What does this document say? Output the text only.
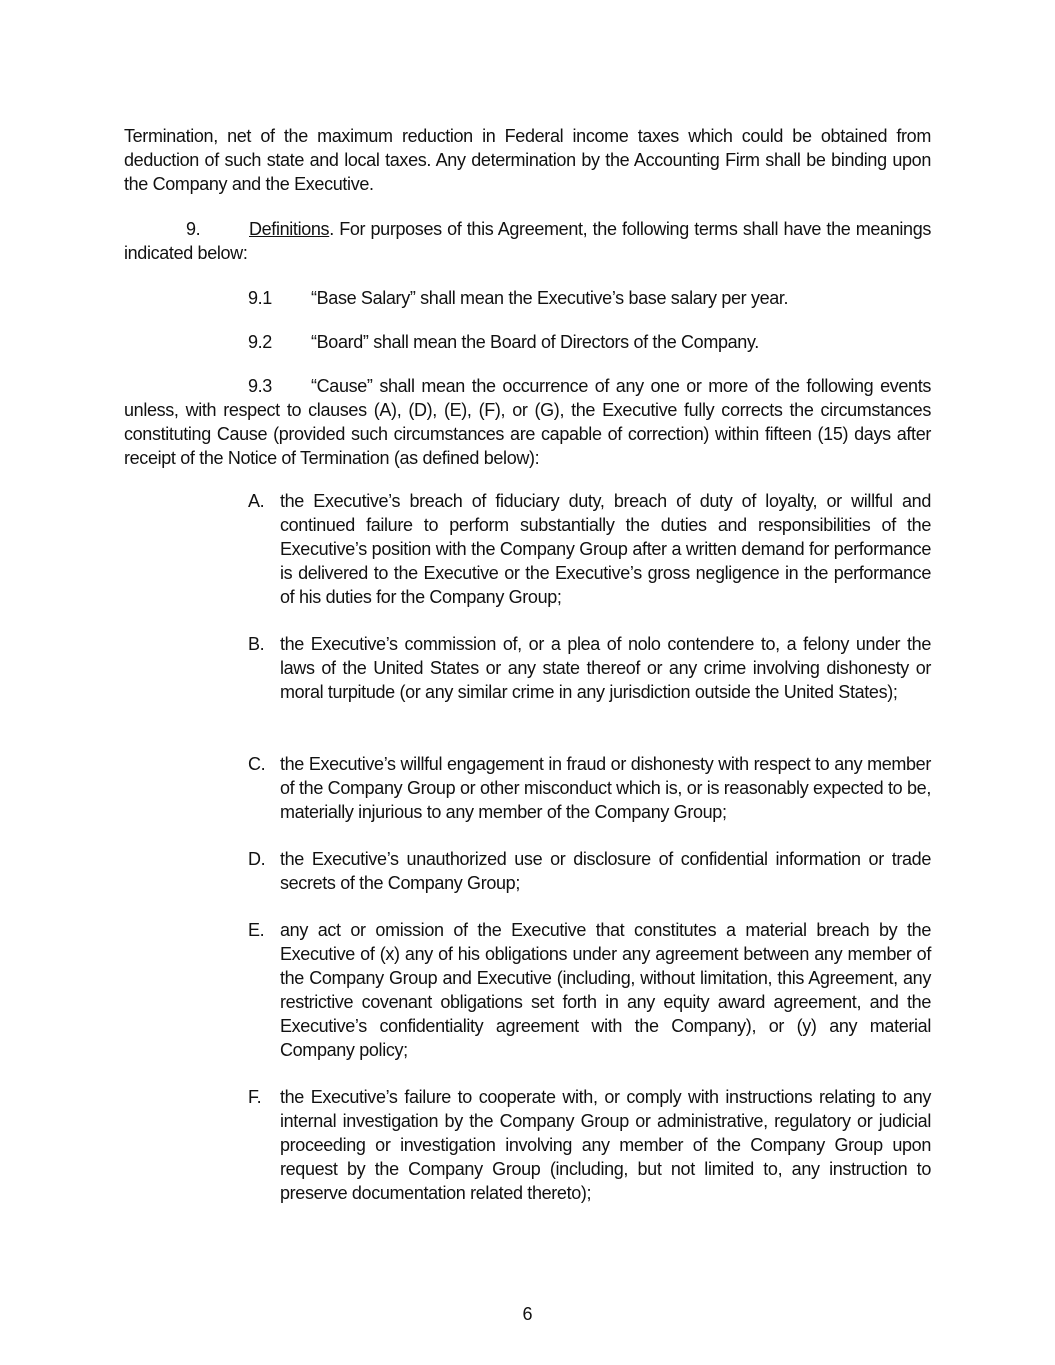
Termination, net of the maximum reduction in Federal income taxes which could be obtained from deduction of such state and local taxes. Any determination by the Accounting Firm shall be binding upon the Company and the Executive.

9.	Definitions. For purposes of this Agreement, the following terms shall have the meanings indicated below:

9.1 “Base Salary” shall mean the Executive’s base salary per year.

9.2 “Board” shall mean the Board of Directors of the Company.

9.3 “Cause” shall mean the occurrence of any one or more of the following events unless, with respect to clauses (A), (D), (E), (F), or (G), the Executive fully corrects the circumstances constituting Cause (provided such circumstances are capable of correction) within fifteen (15) days after receipt of the Notice of Termination (as defined below):

A. the Executive’s breach of fiduciary duty, breach of duty of loyalty, or willful and continued failure to perform substantially the duties and responsibilities of the Executive’s position with the Company Group after a written demand for performance is delivered to the Executive or the Executive’s gross negligence in the performance of his duties for the Company Group;
B. the Executive’s commission of, or a plea of nolo contendere to, a felony under the laws of the United States or any state thereof or any crime involving dishonesty or moral turpitude (or any similar crime in any jurisdiction outside the United States);
C. the Executive’s willful engagement in fraud or dishonesty with respect to any member of the Company Group or other misconduct which is, or is reasonably expected to be, materially injurious to any member of the Company Group;
D. the Executive’s unauthorized use or disclosure of confidential information or trade secrets of the Company Group;
E. any act or omission of the Executive that constitutes a material breach by the Executive of (x) any of his obligations under any agreement between any member of the Company Group and Executive (including, without limitation, this Agreement, any restrictive covenant obligations set forth in any equity award agreement, and the Executive’s confidentiality agreement with the Company), or (y) any material Company policy;
F.	the Executive’s failure to cooperate with, or comply with instructions relating to any internal investigation by the Company Group or administrative, regulatory or judicial proceeding or investigation involving any member of the Company Group upon request by the Company Group (including, but not limited to, any instruction to preserve documentation related thereto);
6
